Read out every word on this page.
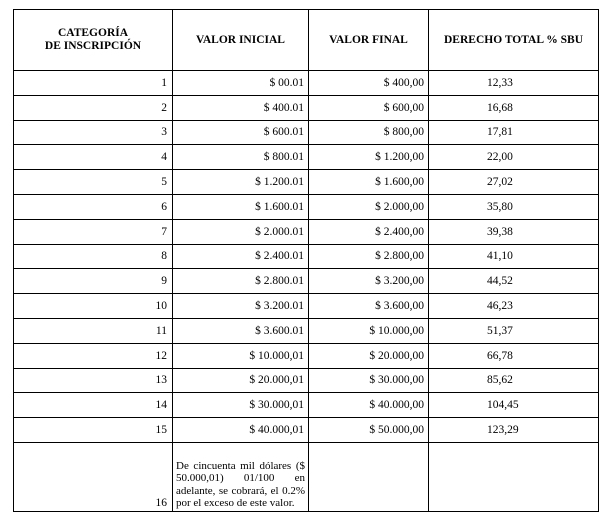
CATEGORÍA
DE INSCRIPCIÓN	VALOR INICIAL	VALOR FINAL	DERECHO TOTAL % SBU
1	$ 00.01	$ 400,00	12,33
2	$ 400.01	$ 600,00	16,68
3	$ 600.01	$ 800,00	17,81
4	$ 800.01	$ 1.200,00	22,00
5	$ 1.200.01	$ 1.600,00	27,02
6	$ 1.600.01	$ 2.000,00	35,80
7	$ 2.000.01	$ 2.400,00	39,38
8	$ 2.400.01	$ 2.800,00	41,10
9	$ 2.800.01	$ 3.200,00	44,52
10	$ 3.200.01	$ 3.600,00	46,23
11	$ 3.600.01	$ 10.000,00	51,37
12	$ 10.000,01	$ 20.000,00	66,78
13	$ 20.000,01	$ 30.000,00	85,62
14	$ 30.000,01	$ 40.000,00	104,45
15	$ 40.000,01	$ 50.000,00	123,29
16	De cincuenta mil dólares ($ 50.000,01) 01/100 en adelante, se cobrará, el 0.2% por el exceso de este valor.		
